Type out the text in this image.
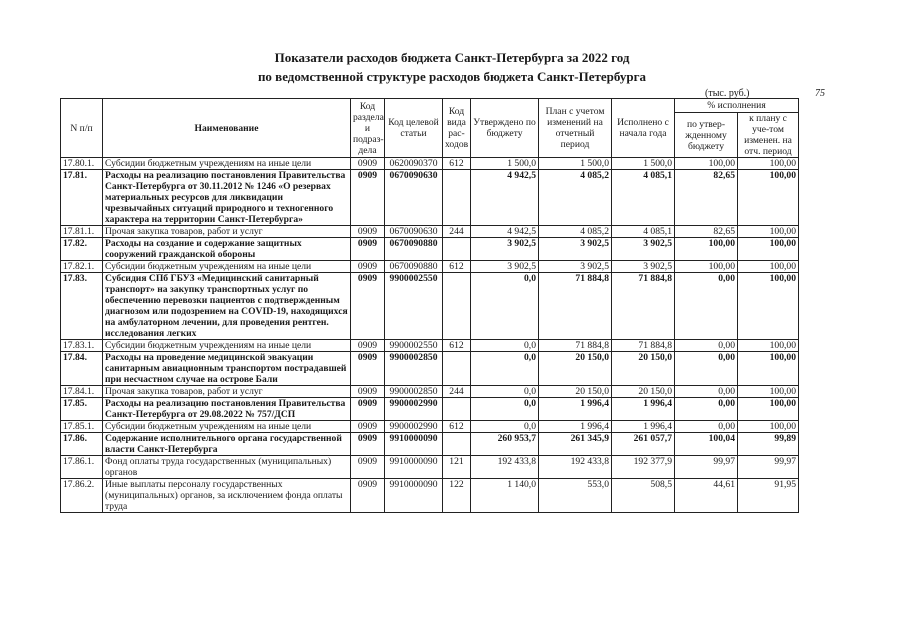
Показатели расходов бюджета Санкт-Петербурга за 2022 год
по ведомственной структуре расходов бюджета Санкт-Петербурга
(тыс. руб.)	75
N п/п	Наименование	Код раздела и подраз-дела	Код целевой статьи	Код вида рас-ходов	Утверждено по бюджету	План с учетом изменений на отчетный период	Исполнено с начала года	% исполнения	
								по утвер-жденному бюджету	к плану с уче-том изменен. на отч. период
17.80.1.	Субсидии бюджетным учреждениям на иные цели	0909	0620090370	612	1 500,0	1 500,0	1 500,0	100,00	100,00
17.81.	Расходы на реализацию постановления Правительства Санкт-Петербурга от 30.11.2012 № 1246 «О резервах материальных ресурсов для ликвидации чрезвычайных ситуаций природного и техногенного характера на территории Санкт-Петербурга»	0909	0670090630		4 942,5	4 085,2	4 085,1	82,65	100,00
17.81.1.	Прочая закупка товаров, работ и услуг	0909	0670090630	244	4 942,5	4 085,2	4 085,1	82,65	100,00
17.82.	Расходы на создание и содержание защитных сооружений гражданской обороны	0909	0670090880		3 902,5	3 902,5	3 902,5	100,00	100,00
17.82.1.	Субсидии бюджетным учреждениям на иные цели	0909	0670090880	612	3 902,5	3 902,5	3 902,5	100,00	100,00
17.83.	Субсидия СПб ГБУЗ «Медицинский санитарный транспорт» на закупку транспортных услуг по обеспечению перевозки пациентов с подтвержденным диагнозом или подозрением на COVID-19, находящихся на амбулаторном лечении, для проведения рентген. исследования легких	0909	9900002550		0,0	71 884,8	71 884,8	0,00	100,00
17.83.1.	Субсидии бюджетным учреждениям на иные цели	0909	9900002550	612	0,0	71 884,8	71 884,8	0,00	100,00
17.84.	Расходы на проведение медицинской эвакуации санитарным авиационным транспортом пострадавшей при несчастном случае на острове Бали	0909	9900002850		0,0	20 150,0	20 150,0	0,00	100,00
17.84.1.	Прочая закупка товаров, работ и услуг	0909	9900002850	244	0,0	20 150,0	20 150,0	0,00	100,00
17.85.	Расходы на реализацию постановления Правительства Санкт-Петербурга от 29.08.2022 № 757/ДСП	0909	9900002990		0,0	1 996,4	1 996,4	0,00	100,00
17.85.1.	Субсидии бюджетным учреждениям на иные цели	0909	9900002990	612	0,0	1 996,4	1 996,4	0,00	100,00
17.86.	Содержание исполнительного органа государственной власти Санкт-Петербурга	0909	9910000090		260 953,7	261 345,9	261 057,7	100,04	99,89
17.86.1.	Фонд оплаты труда государственных (муниципальных) органов	0909	9910000090	121	192 433,8	192 433,8	192 377,9	99,97	99,97
17.86.2.	Иные выплаты персоналу государственных (муниципальных) органов, за исключением фонда оплаты труда	0909	9910000090	122	1 140,0	553,0	508,5	44,61	91,95
